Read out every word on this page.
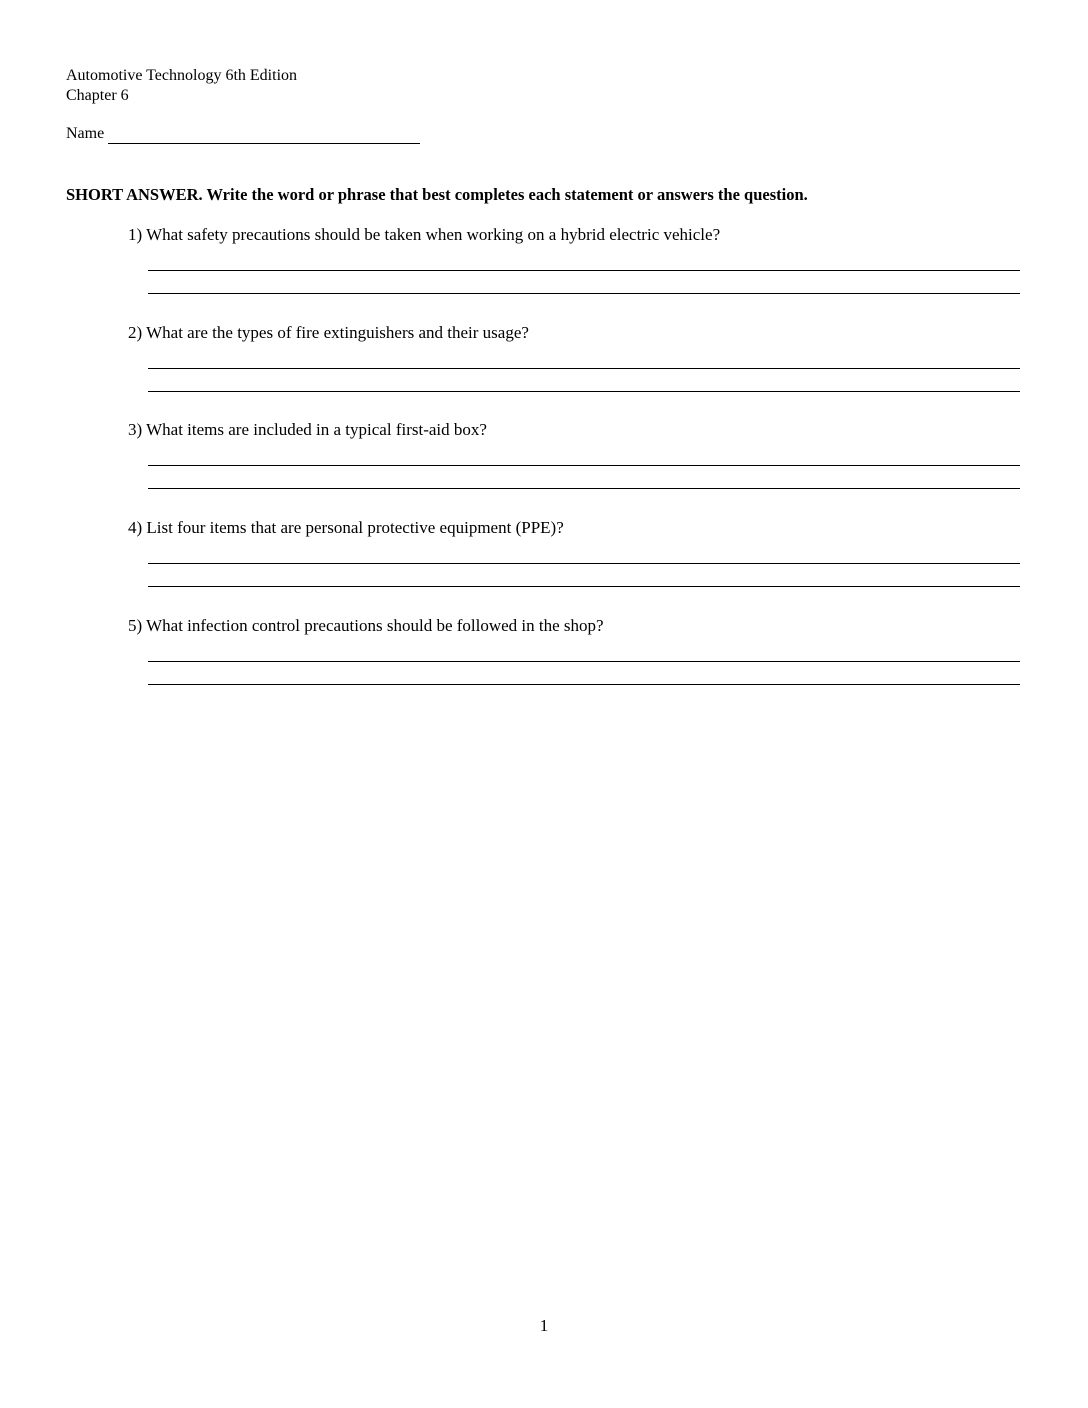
Automotive Technology 6th Edition
Chapter 6
Name
SHORT ANSWER. Write the word or phrase that best completes each statement or answers the question.
1) What safety precautions should be taken when working on a hybrid electric vehicle?
2) What are the types of fire extinguishers and their usage?
3) What items are included in a typical first-aid box?
4) List four items that are personal protective equipment (PPE)?
5) What infection control precautions should be followed in the shop?
1
